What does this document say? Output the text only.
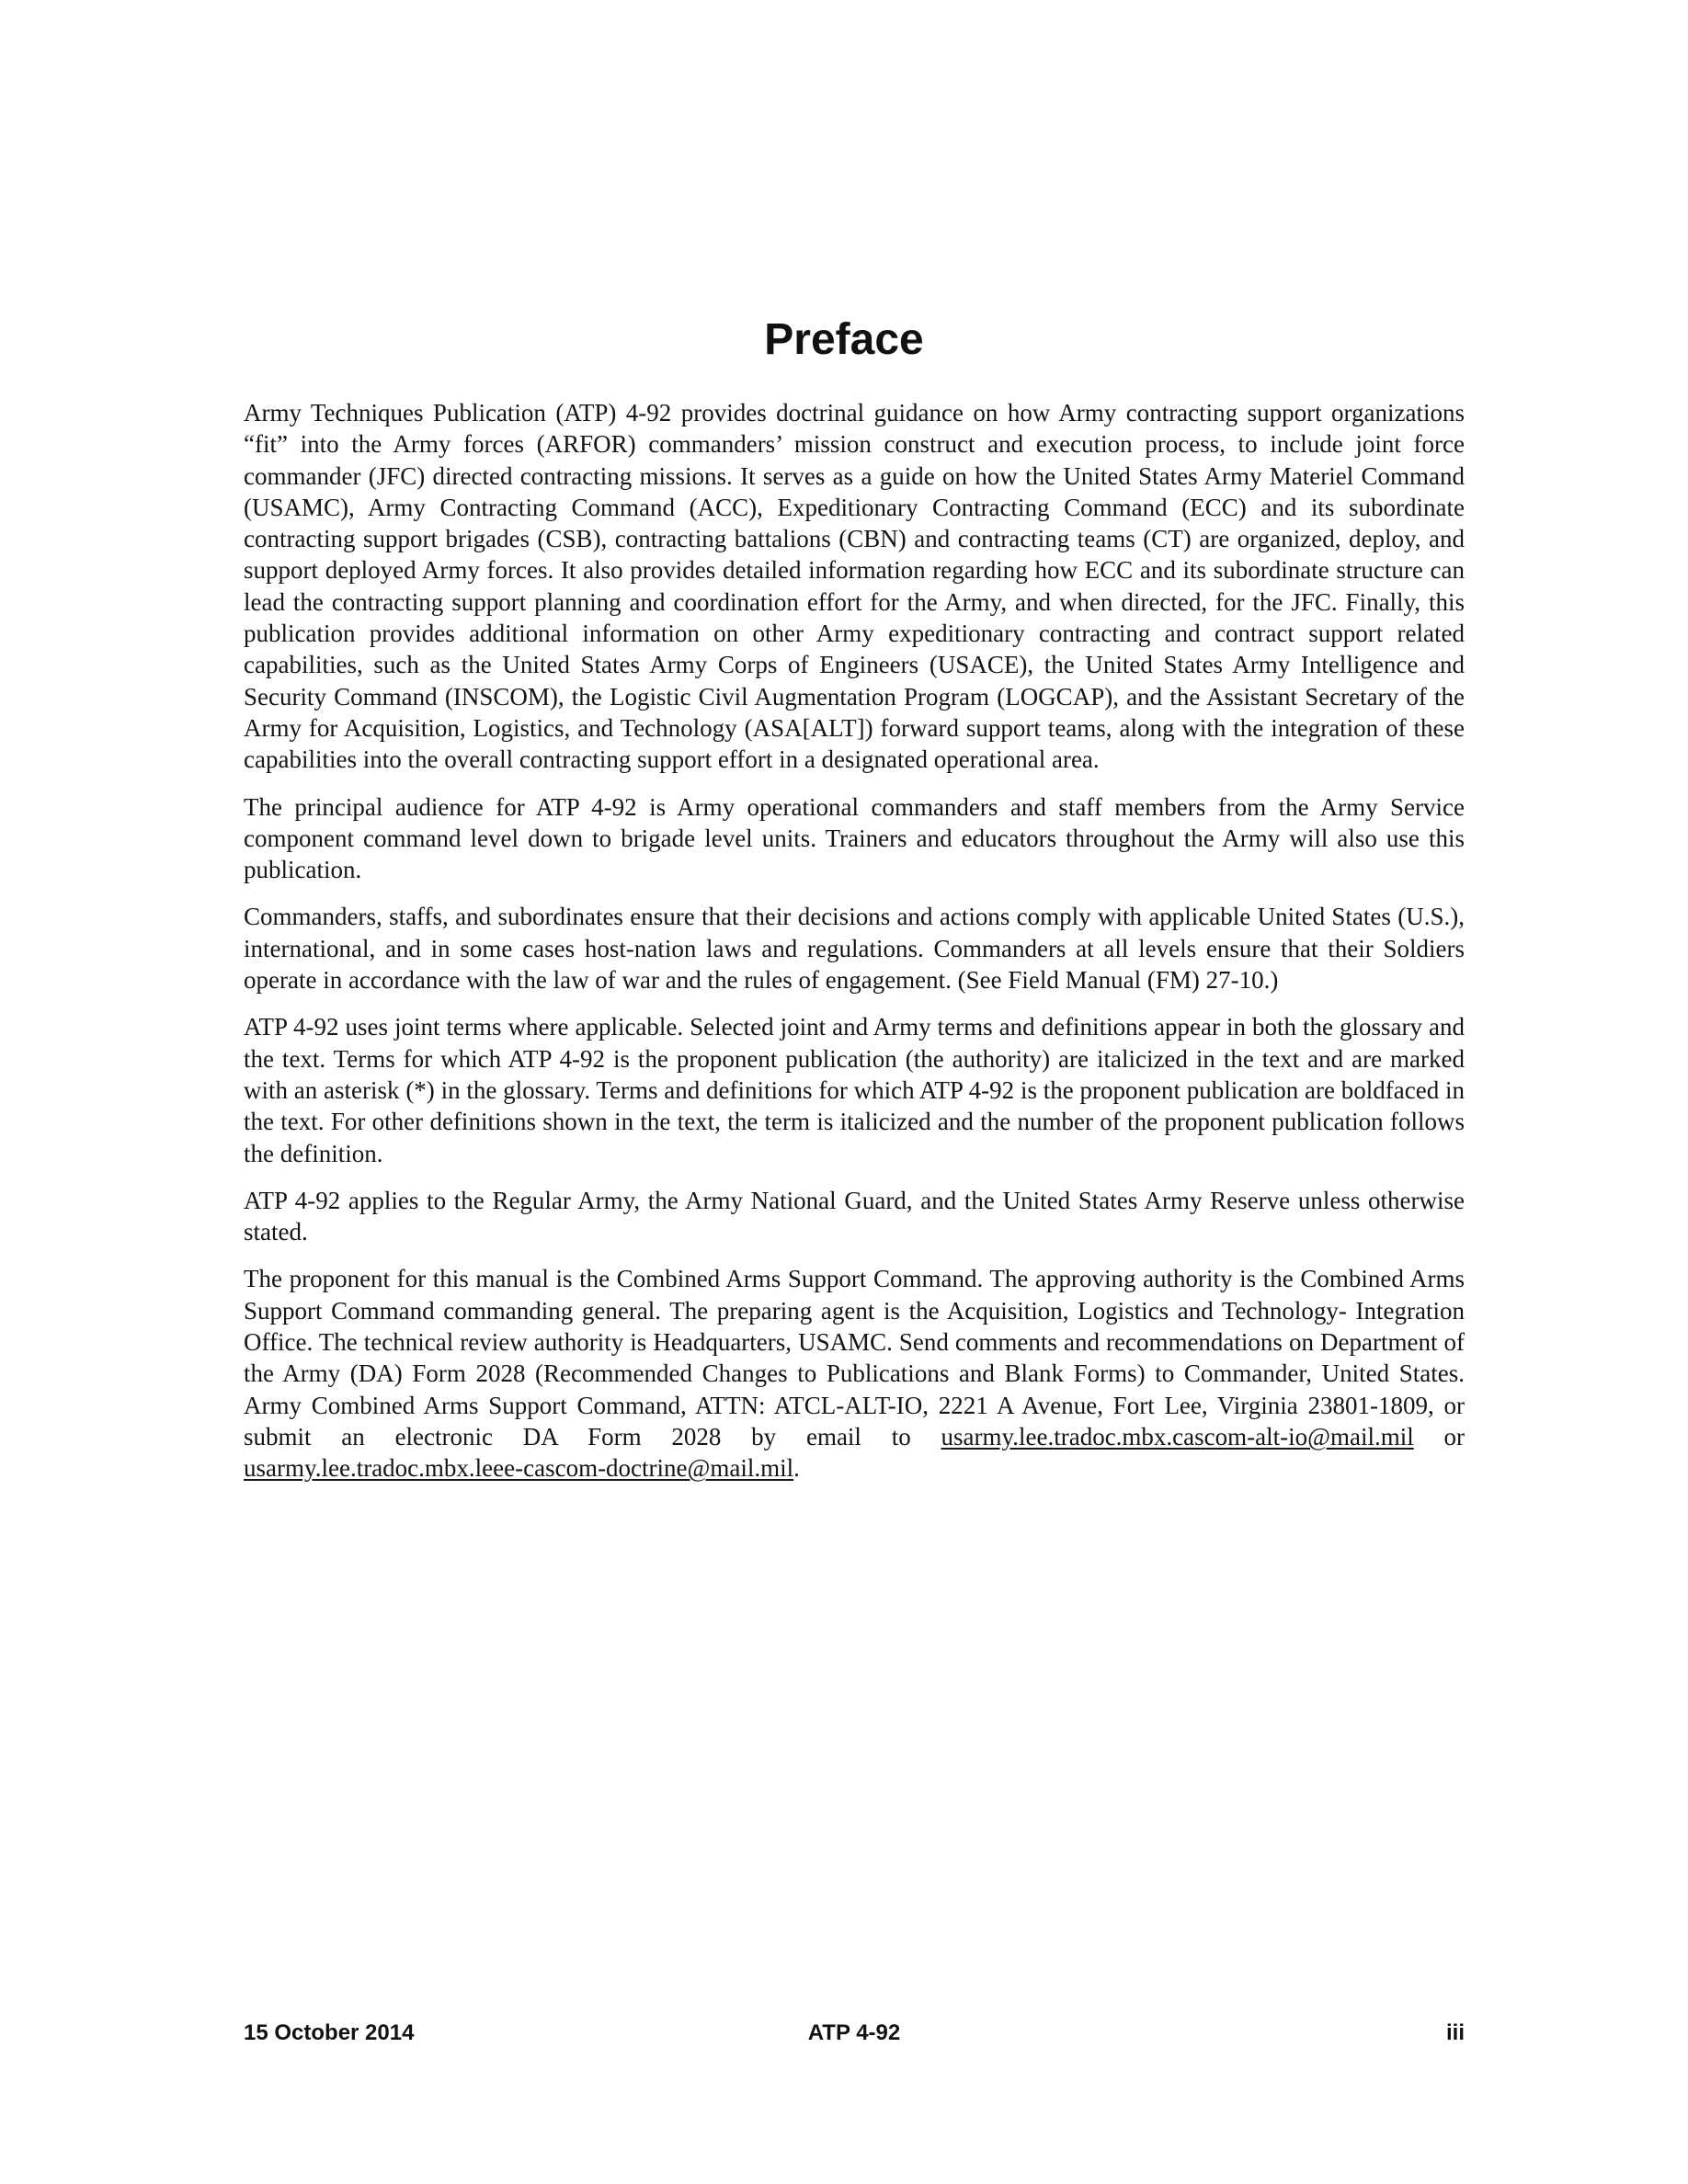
Preface

Army Techniques Publication (ATP) 4-92 provides doctrinal guidance on how Army contracting support organizations “fit” into the Army forces (ARFOR) commanders’ mission construct and execution process, to include joint force commander (JFC) directed contracting missions. It serves as a guide on how the United States Army Materiel Command (USAMC), Army Contracting Command (ACC), Expeditionary Contracting Command (ECC) and its subordinate contracting support brigades (CSB), contracting battalions (CBN) and contracting teams (CT) are organized, deploy, and support deployed Army forces. It also provides detailed information regarding how ECC and its subordinate structure can lead the contracting support planning and coordination effort for the Army, and when directed, for the JFC. Finally, this publication provides additional information on other Army expeditionary contracting and contract support related capabilities, such as the United States Army Corps of Engineers (USACE), the United States Army Intelligence and Security Command (INSCOM), the Logistic Civil Augmentation Program (LOGCAP), and the Assistant Secretary of the Army for Acquisition, Logistics, and Technology (ASA[ALT]) forward support teams, along with the integration of these capabilities into the overall contracting support effort in a designated operational area.

The principal audience for ATP 4-92 is Army operational commanders and staff members from the Army Service component command level down to brigade level units. Trainers and educators throughout the Army will also use this publication.

Commanders, staffs, and subordinates ensure that their decisions and actions comply with applicable United States (U.S.), international, and in some cases host-nation laws and regulations. Commanders at all levels ensure that their Soldiers operate in accordance with the law of war and the rules of engagement. (See Field Manual (FM) 27-10.)

ATP 4-92 uses joint terms where applicable. Selected joint and Army terms and definitions appear in both the glossary and the text. Terms for which ATP 4-92 is the proponent publication (the authority) are italicized in the text and are marked with an asterisk (*) in the glossary. Terms and definitions for which ATP 4-92 is the proponent publication are boldfaced in the text. For other definitions shown in the text, the term is italicized and the number of the proponent publication follows the definition.

ATP 4-92 applies to the Regular Army, the Army National Guard, and the United States Army Reserve unless otherwise stated.

The proponent for this manual is the Combined Arms Support Command. The approving authority is the Combined Arms Support Command commanding general. The preparing agent is the Acquisition, Logistics and Technology- Integration Office. The technical review authority is Headquarters, USAMC. Send comments and recommendations on Department of the Army (DA) Form 2028 (Recommended Changes to Publications and Blank Forms) to Commander, United States. Army Combined Arms Support Command, ATTN: ATCL-ALT-IO, 2221 A Avenue, Fort Lee, Virginia 23801-1809, or submit an electronic DA Form 2028 by email to usarmy.lee.tradoc.mbx.cascom-alt-io@mail.mil or usarmy.lee.tradoc.mbx.leee-cascom-doctrine@mail.mil.

15 October 2014	ATP 4-92	iii
